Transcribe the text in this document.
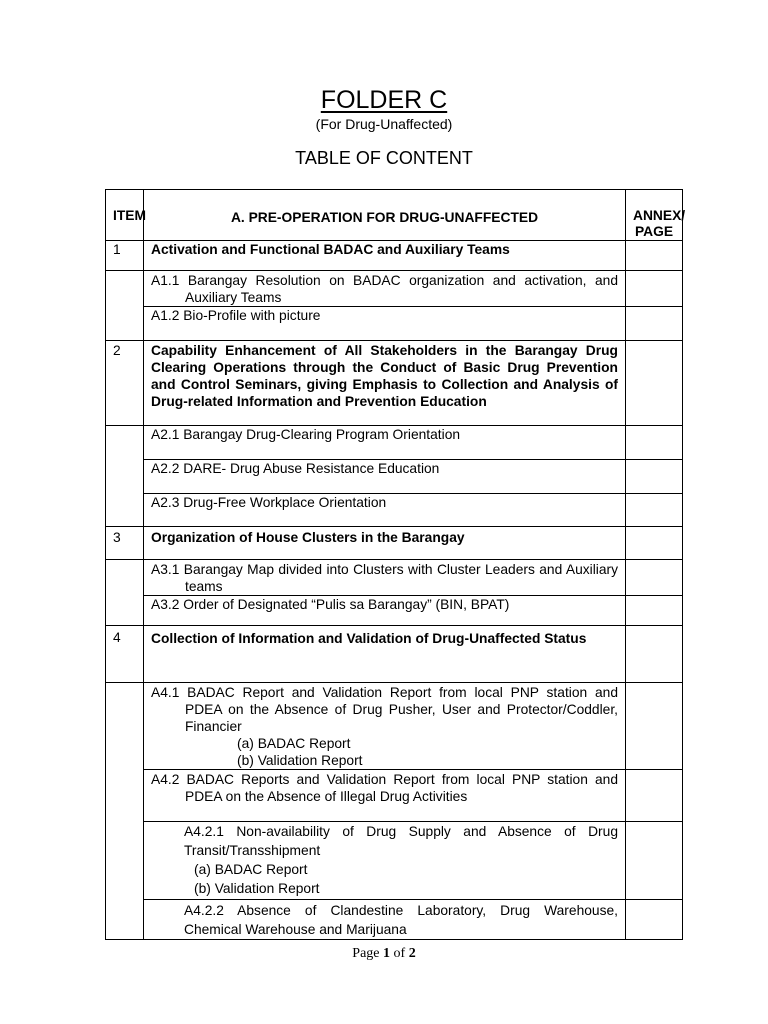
FOLDER C
(For Drug-Unaffected)
TABLE OF CONTENT
ITEM	A. PRE-OPERATION FOR DRUG-UNAFFECTED	ANNEX/
PAGE
1	Activation and Functional BADAC and Auxiliary Teams	
	A1.1 Barangay Resolution on BADAC organization and activation, and Auxiliary Teams	
	A1.2 Bio-Profile with picture	
2	Capability Enhancement of All Stakeholders in the Barangay Drug Clearing Operations through the Conduct of Basic Drug Prevention and Control Seminars, giving Emphasis to Collection and Analysis of Drug-related Information and Prevention Education	
	A2.1 Barangay Drug-Clearing Program Orientation	
	A2.2 DARE- Drug Abuse Resistance Education	
	A2.3 Drug-Free Workplace Orientation	
3	Organization of House Clusters in the Barangay	
	A3.1 Barangay Map divided into Clusters with Cluster Leaders and Auxiliary teams	
	A3.2 Order of Designated “Pulis sa Barangay” (BIN, BPAT)	
4	Collection of Information and Validation of Drug-Unaffected Status	
	A4.1 BADAC Report and Validation Report from local PNP station and PDEA on the Absence of Drug Pusher, User and Protector/Coddler, Financier
(a) BADAC Report
(b) Validation Report	

	A4.2 BADAC Reports and Validation Report from local PNP station and PDEA on the Absence of Illegal Drug Activities	
	A4.2.1 Non-availability of Drug Supply and Absence of Drug Transit/Transshipment
(a) BADAC Report
(b) Validation Report	

	A4.2.2 Absence of Clandestine Laboratory, Drug Warehouse, Chemical Warehouse and Marijuana	
Page 1 of 2
